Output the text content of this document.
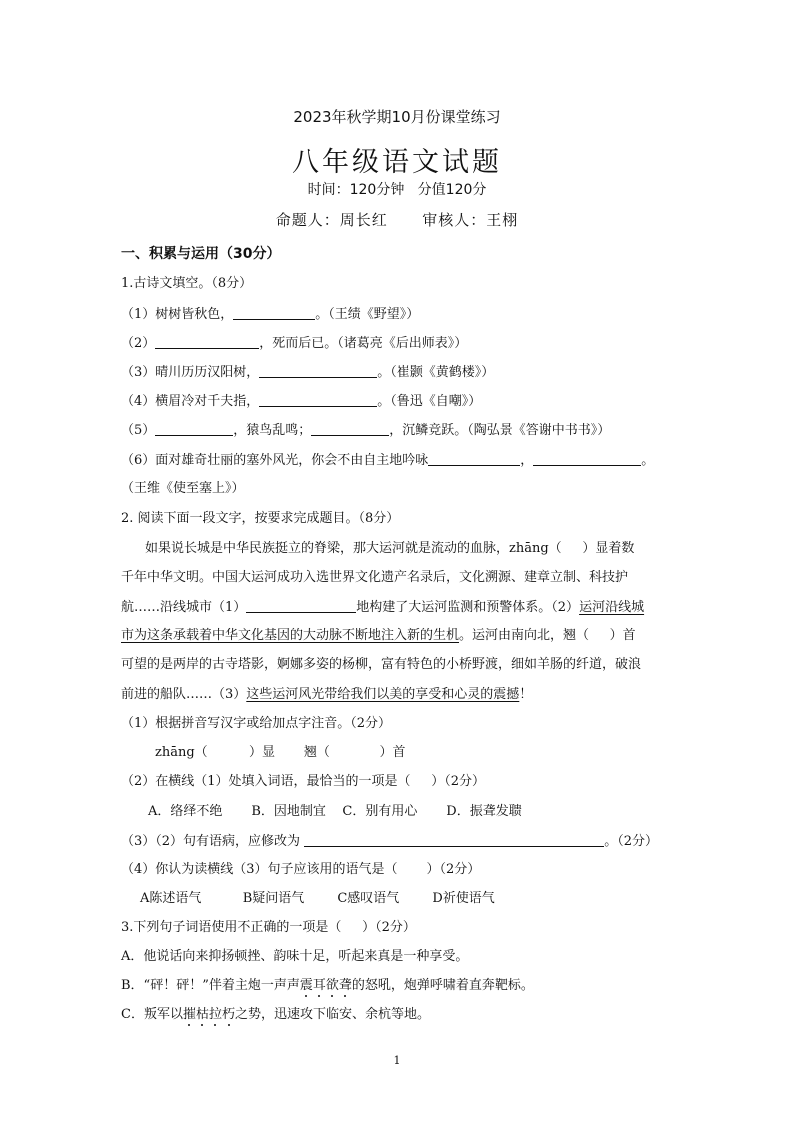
2023年秋学期10月份课堂练习
八年级语文试题
时间：120分钟   分值120分
命题人：周长红      审核人：王栩
一、积累与运用（30分）
1.古诗文填空。（8分）
（1）树树皆秋色，	。（王绩《野望》）
（2）	，死而后已。（诸葛亮《后出师表》）
（3）晴川历历汉阳树，	。（崔颢《黄鹤楼》）
（4）横眉冷对千夫指，	。（鲁迅《自嘲》）
（5）	，猿鸟乱鸣；	，沉鳞竞跃。（陶弘景《答谢中书书》）
（6）面对雄奇壮丽的塞外风光，你会不由自主地吟咏	，	。
（王维《使至塞上》）
2. 阅读下面一段文字，按要求完成题目。（8分）
如果说长城是中华民族挺立的脊梁，那大运河就是流动的血脉，zhāng（     ）显着数
千年中华文明。中国大运河成功入选世界文化遗产名录后，文化溯源、建章立制、科技护
航……沿线城市（1）	地构建了大运河监测和预警体系。（2）运河沿线城
市为这条承载着中华文化基因的大动脉不断地注入新的生机。运河由南向北，翘（     ）首
可望的是两岸的古寺塔影，婀娜多姿的杨柳，富有特色的小桥野渡，细如羊肠的纤道，破浪
前进的船队……（3）这些运河风光带给我们以美的享受和心灵的震撼！
（1）根据拼音写汉字或给加点字注音。（2分）
zhāng（          ）显       翘（            ）首
（2）在横线（1）处填入词语，最恰当的一项是（     ）（2分）
A．络绎不绝       B．因地制宜    C．别有用心       D．振聋发聩
（3）（2）句有语病，应修改为	。（2分）
（4）你认为读横线（3）句子应该用的语气是（       ）（2分）
A陈述语气          B疑问语气        C感叹语气        D祈使语气
3.下列句子词语使用不正确的一项是（     ）（2分）
A．他说话向来抑扬顿挫、韵味十足，听起来真是一种享受。
B．“砰！砰！”伴着主炮一声声震耳欲聋的怒吼，炮弹呼啸着直奔靶标。
C．叛军以摧枯拉朽之势，迅速攻下临安、余杭等地。
1
